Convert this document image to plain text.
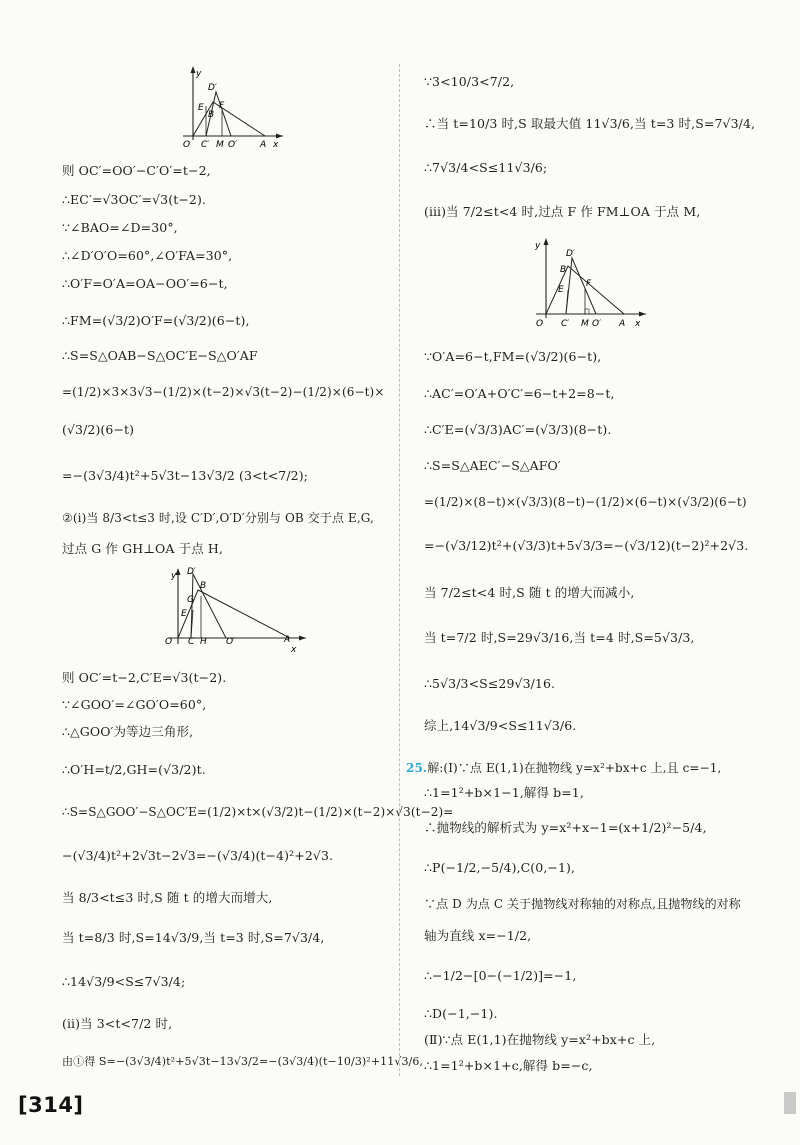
y
D′
E
B
F
O C′ M O′	A x
则 OC′=OO′−C′O′=t−2,
∴EC′=√3OC′=√3(t−2).
∵∠BAO=∠D=30°,
∴∠D′O′O=60°,∠O′FA=30°,
∴O′F=O′A=OA−OO′=6−t,
∴FM=(√3/2)O′F=(√3/2)(6−t),
∴S=S△OAB−S△OC′E−S△O′AF
=(1/2)×3×3√3−(1/2)×(t−2)×√3(t−2)−(1/2)×(6−t)×
(√3/2)(6−t)
=−(3√3/4)t²+5√3t−13√3/2 (3<t<7/2);
②(ⅰ)当 8/3<t≤3 时,设 C′D′,O′D′分别与 OB 交于点 E,G,
过点 G 作 GH⊥OA 于点 H,
y D′
B
G
E
O C H O′	A
x
则 OC′=t−2,C′E=√3(t−2).
∵∠GOO′=∠GO′O=60°,
∴△GOO′为等边三角形,
∴O′H=t/2,GH=(√3/2)t.
∴S=S△GOO′−S△OC′E=(1/2)×t×(√3/2)t−(1/2)×(t−2)×√3(t−2)=
−(√3/4)t²+2√3t−2√3=−(√3/4)(t−4)²+2√3.
当 8/3<t≤3 时,S 随 t 的增大而增大,
当 t=8/3 时,S=14√3/9,当 t=3 时,S=7√3/4,
∴14√3/9<S≤7√3/4;
(ⅱ)当 3<t<7/2 时,
由①得 S=−(3√3/4)t²+5√3t−13√3/2=−(3√3/4)(t−10/3)²+11√3/6,
∵3<10/3<7/2,
∴当 t=10/3 时,S 取最大值 11√3/6,当 t=3 时,S=7√3/4,
∴7√3/4<S≤11√3/6;
(ⅲ)当 7/2≤t<4 时,过点 F 作 FM⊥OA 于点 M,
y
D′
B
E
F
O C′ M O′ A x
∵O′A=6−t,FM=(√3/2)(6−t),
∴AC′=O′A+O′C′=6−t+2=8−t,
∴C′E=(√3/3)AC′=(√3/3)(8−t).
∴S=S△AEC′−S△AFO′
=(1/2)×(8−t)×(√3/3)(8−t)−(1/2)×(6−t)×(√3/2)(6−t)
=−(√3/12)t²+(√3/3)t+5√3/3=−(√3/12)(t−2)²+2√3.
当 7/2≤t<4 时,S 随 t 的增大而减小,
当 t=7/2 时,S=29√3/16,当 t=4 时,S=5√3/3,
∴5√3/3<S≤29√3/16.
综上,14√3/9<S≤11√3/6.
25.解:(Ⅰ)∵点 E(1,1)在抛物线 y=x²+bx+c 上,且 c=−1,
∴1=1²+b×1−1,解得 b=1,
∴抛物线的解析式为 y=x²+x−1=(x+1/2)²−5/4,
∴P(−1/2,−5/4),C(0,−1),
∵点 D 为点 C 关于抛物线对称轴的对称点,且抛物线的对称
轴为直线 x=−1/2,
∴−1/2−[0−(−1/2)]=−1,
∴D(−1,−1).
(Ⅱ)∵点 E(1,1)在抛物线 y=x²+bx+c 上,
∴1=1²+b×1+c,解得 b=−c,
[314]
